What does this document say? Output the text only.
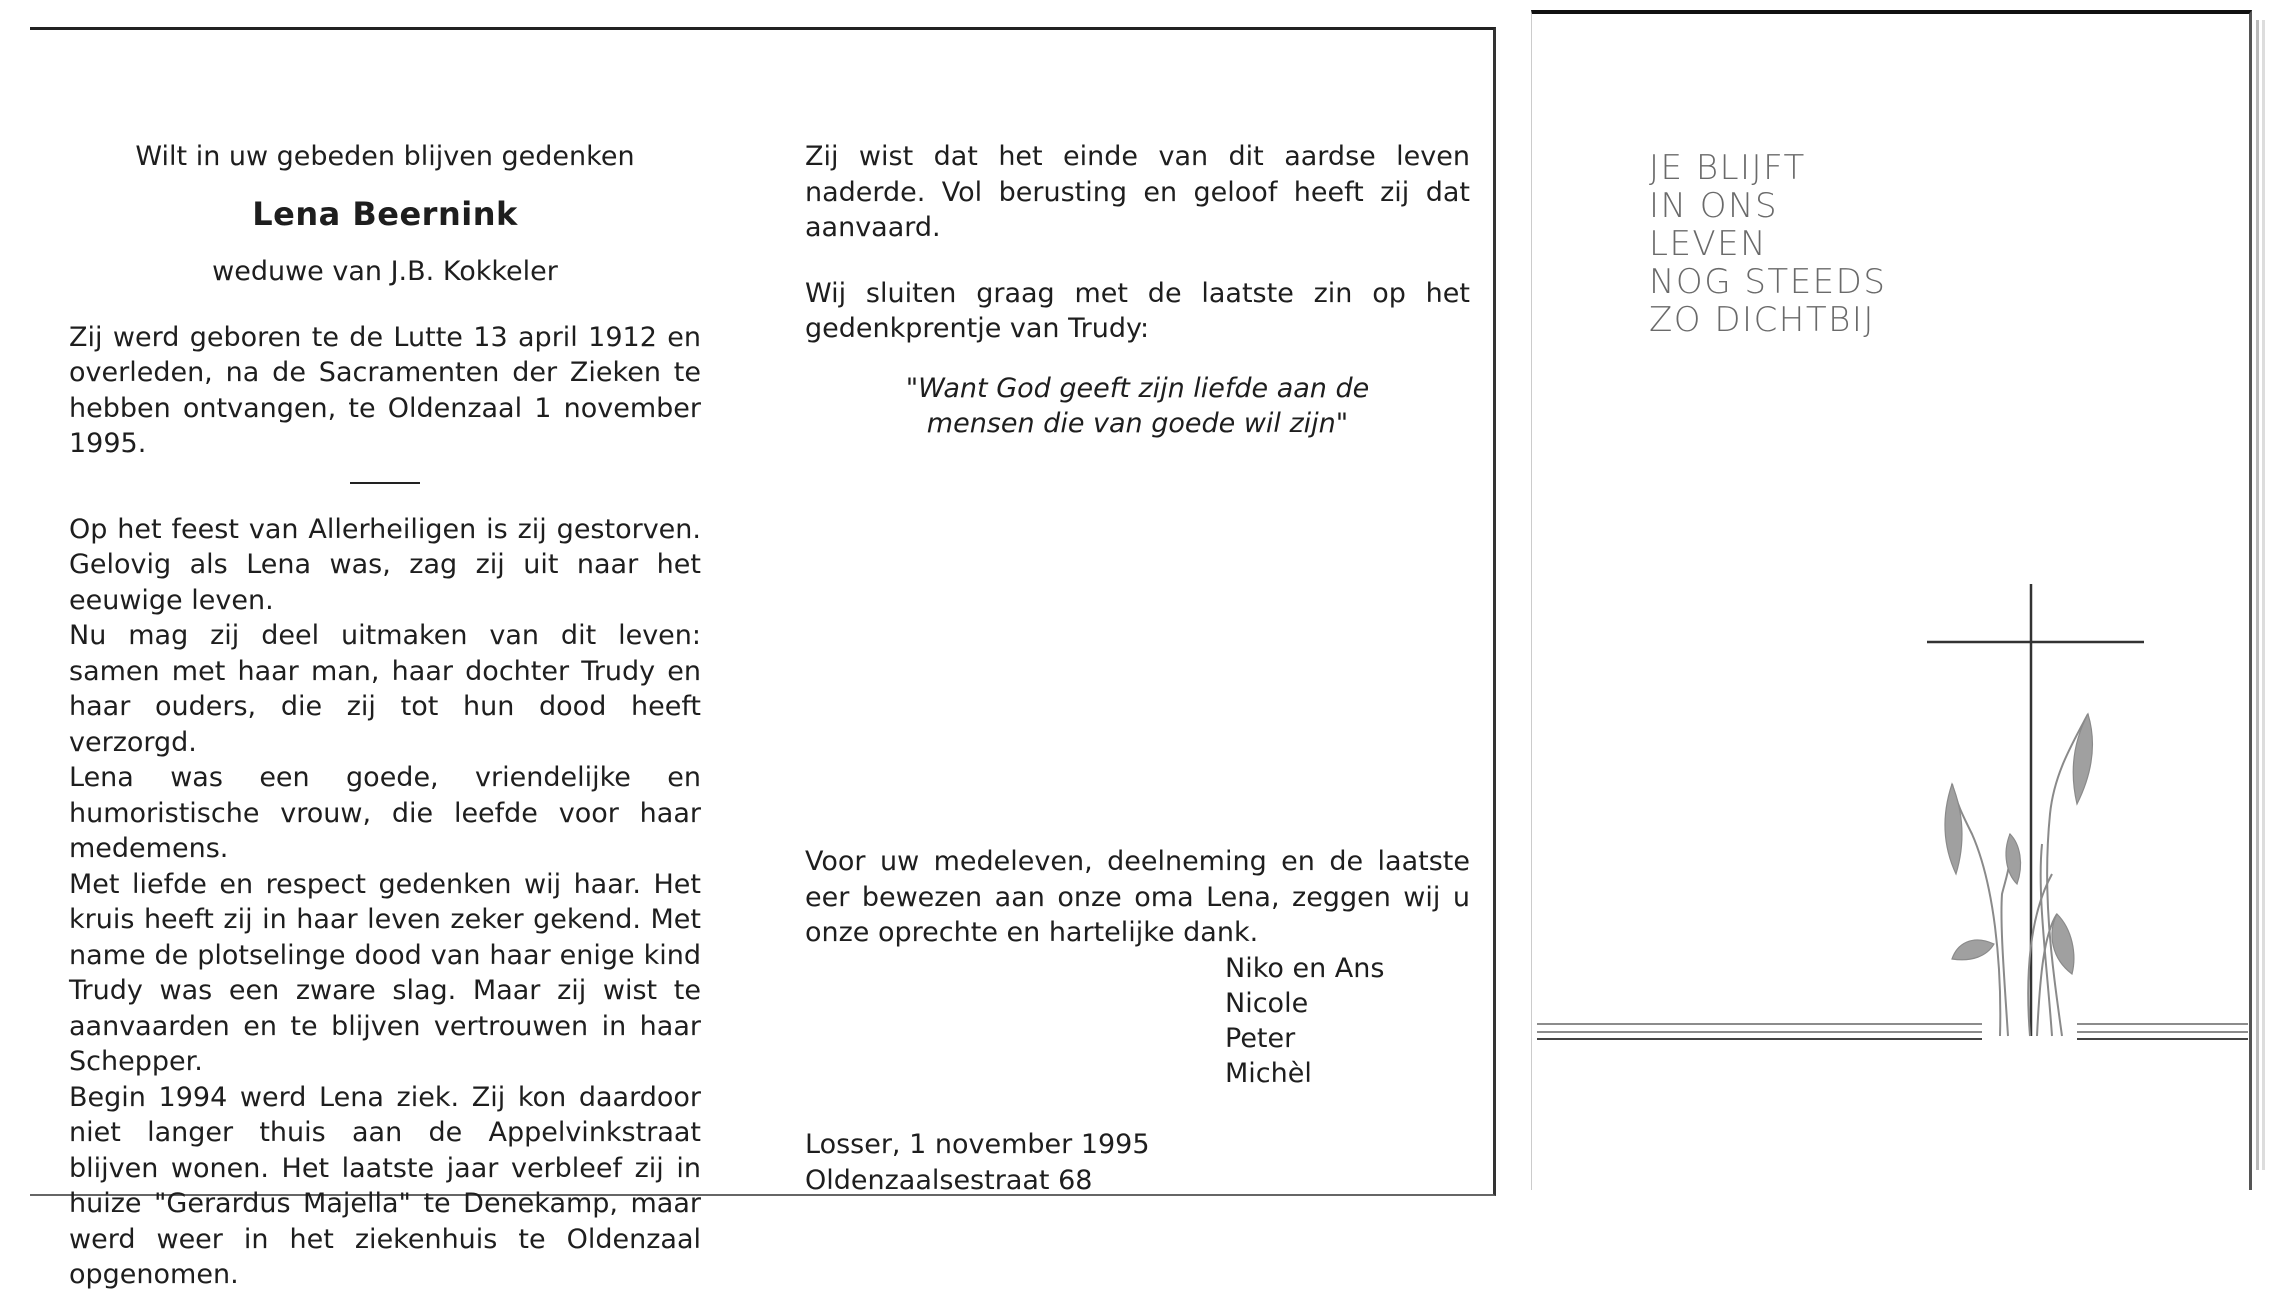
Wilt in uw gebeden blijven gedenken
Lena Beernink
weduwe van J.B. Kokkeler

Zij werd geboren te de Lutte 13 april 1912 en overleden, na de Sacramenten der Zieken te hebben ontvangen, te Oldenzaal 1 november 1995.

Op het feest van Allerheiligen is zij gestorven. Gelovig als Lena was, zag zij uit naar het eeuwige leven.

Nu mag zij deel uitmaken van dit leven: samen met haar man, haar dochter Trudy en haar ouders, die zij tot hun dood heeft verzorgd.

Lena was een goede, vriendelijke en humoristische vrouw, die leefde voor haar medemens.

Met liefde en respect gedenken wij haar. Het kruis heeft zij in haar leven zeker gekend. Met name de plotselinge dood van haar enige kind Trudy was een zware slag. Maar zij wist te aanvaarden en te blijven vertrouwen in haar Schepper.

Begin 1994 werd Lena ziek. Zij kon daardoor niet langer thuis aan de Appelvinkstraat blijven wonen. Het laatste jaar verbleef zij in huize "Gerardus Majella" te Denekamp, maar werd weer in het ziekenhuis te Oldenzaal opgenomen.

Zij wist dat het einde van dit aardse leven naderde. Vol berusting en geloof heeft zij dat aanvaard.

Wij sluiten graag met de laatste zin op het gedenkprentje van Trudy:

"Want God geeft zijn liefde aan de
mensen die van goede wil zijn"

Voor uw medeleven, deelneming en de laatste eer bewezen aan onze oma Lena, zeggen wij u onze oprechte en hartelijke dank.

Niko en Ans
Nicole
Peter
Michèl
Losser, 1 november 1995
Oldenzaalsestraat 68
JE BLIJFT
IN ONS
LEVEN
NOG STEEDS
ZO DICHTBIJ
